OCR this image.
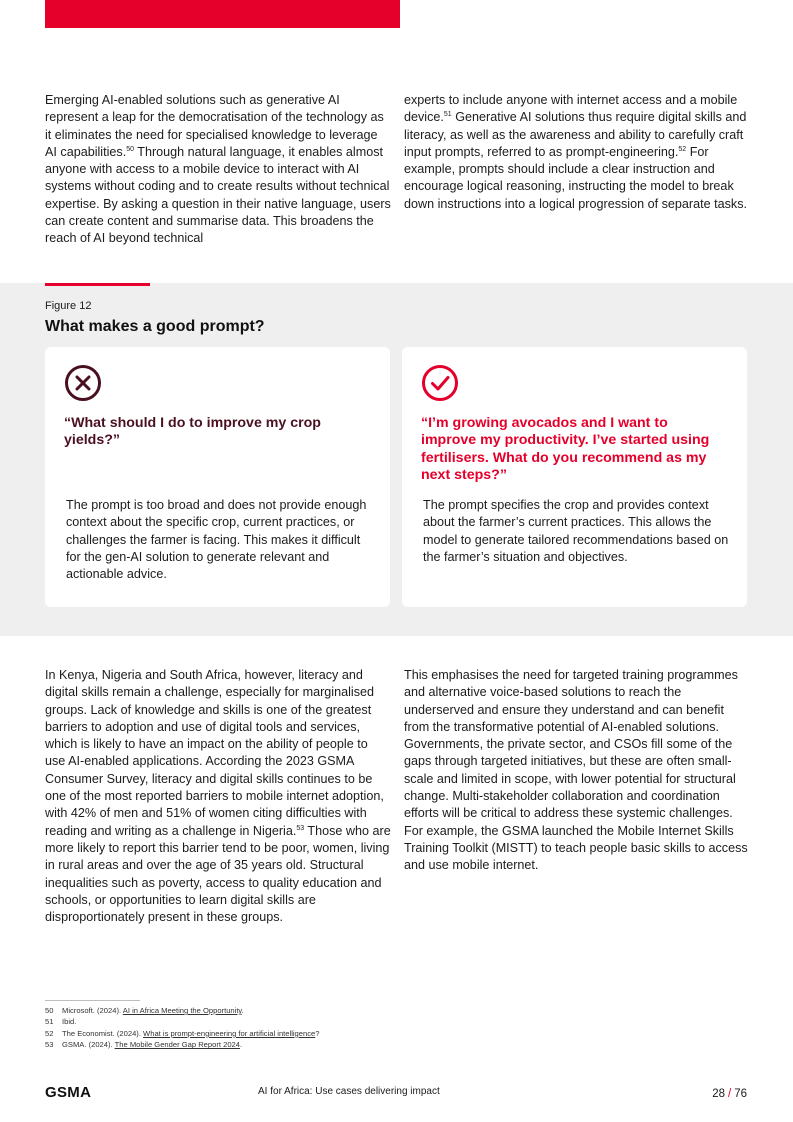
Emerging AI-enabled solutions such as generative AI represent a leap for the democratisation of the technology as it eliminates the need for specialised knowledge to leverage AI capabilities.$^{50}$ Through natural language, it enables almost anyone with access to a mobile device to interact with AI systems without coding and to create results without technical expertise. By asking a question in their native language, users can create content and summarise data. This broadens the reach of AI beyond technical

experts to include anyone with internet access and a mobile device.$^{51}$ Generative AI solutions thus require digital skills and literacy, as well as the awareness and ability to carefully craft input prompts, referred to as prompt-engineering.$^{52}$ For example, prompts should include a clear instruction and encourage logical reasoning, instructing the model to break down instructions into a logical progression of separate tasks.

Figure 12
What makes a good prompt?
“What should I do to improve my crop yields?”
The prompt is too broad and does not provide enough context about the specific crop, current practices, or challenges the farmer is facing. This makes it difficult for the gen-AI solution to generate relevant and actionable advice.
“I’m growing avocados and I want to improve my productivity. I’ve started using fertilisers. What do you recommend as my next steps?”
The prompt specifies the crop and provides context about the farmer’s current practices. This allows the model to generate tailored recommendations based on the farmer’s situation and objectives.

In Kenya, Nigeria and South Africa, however, literacy and digital skills remain a challenge, especially for marginalised groups. Lack of knowledge and skills is one of the greatest barriers to adoption and use of digital tools and services, which is likely to have an impact on the ability of people to use AI-enabled applications. According the 2023 GSMA Consumer Survey, literacy and digital skills continues to be one of the most reported barriers to mobile internet adoption, with 42% of men and 51% of women citing difficulties with reading and writing as a challenge in Nigeria.$^{53}$ Those who are more likely to report this barrier tend to be poor, women, living in rural areas and over the age of 35 years old. Structural inequalities such as poverty, access to quality education and schools, or opportunities to learn digital skills are disproportionately present in these groups.

This emphasises the need for targeted training programmes and alternative voice-based solutions to reach the underserved and ensure they understand and can benefit from the transformative potential of AI-enabled solutions. Governments, the private sector, and CSOs fill some of the gaps through targeted initiatives, but these are often small-scale and limited in scope, with lower potential for structural change. Multi-stakeholder collaboration and coordination efforts will be critical to address these systemic challenges. For example, the GSMA launched the Mobile Internet Skills Training Toolkit (MISTT) to teach people basic skills to access and use mobile internet.

50	Microsoft. (2024). AI in Africa Meeting the Opportunity.
51	Ibid.
52	The Economist. (2024). What is prompt-engineering for artificial intelligence?
53	GSMA. (2024). The Mobile Gender Gap Report 2024.
GSMA	AI for Africa: Use cases delivering impact	28 / 76
